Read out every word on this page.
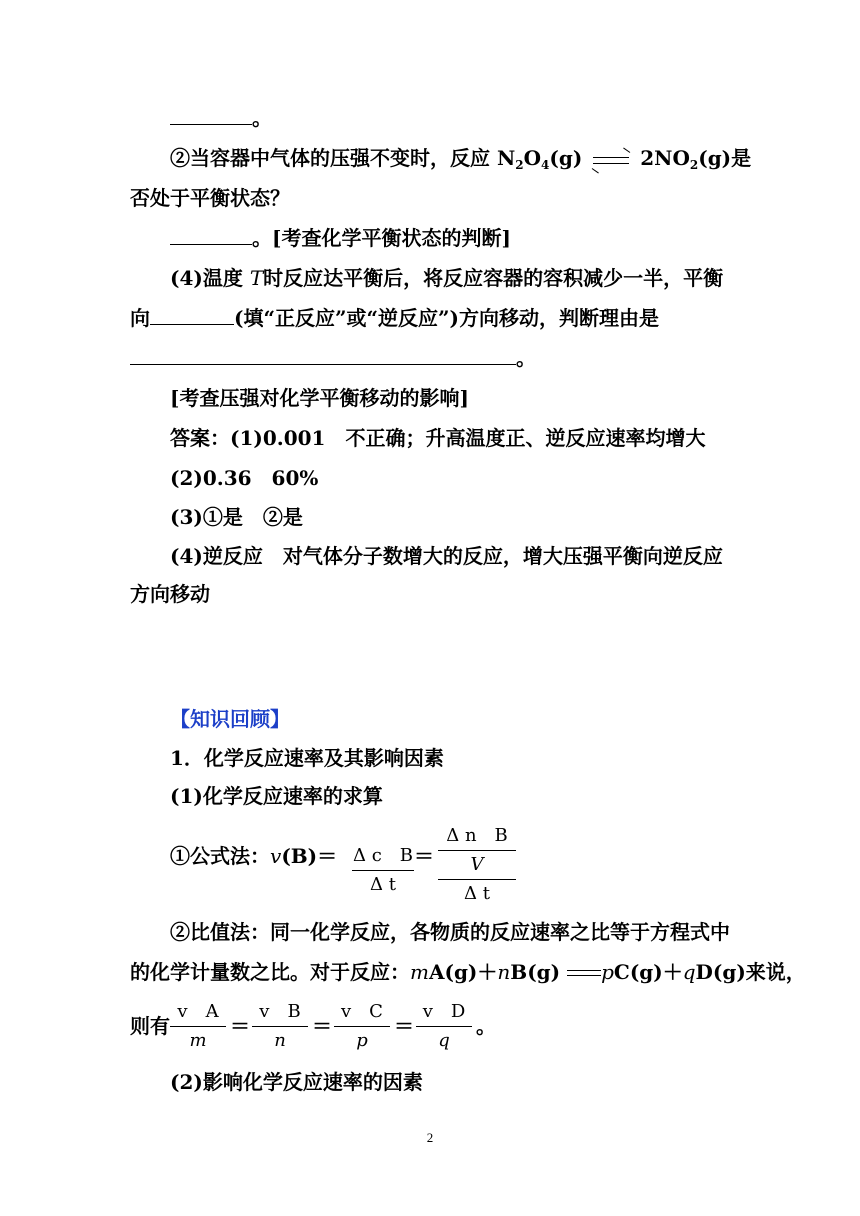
。
②当容器中气体的压强不变时，反应 $N_2O_4(g)$	$2NO_2(g)$是
否处于平衡状态？
。[考查化学平衡状态的判断]
(4)温度 T时反应达平衡后，将反应容器的容积减少一半，平衡
向	(填“正反应”或“逆反应”)方向移动，判断理由是
。
[考查压强对化学平衡移动的影响]
答案：(1)0.001　不正确；升高温度正、逆反应速率均增大
(2)0.36　60%
(3)①是　②是
(4)逆反应　对气体分子数增大的反应，增大压强平衡向逆反应
方向移动
【知识回顾】
1．化学反应速率及其影响因素
(1)化学反应速率的求算
①公式法：v(B)＝ Δ c　B
Δ t
＝
Δ n　B
V
Δ t
②比值法：同一化学反应，各物质的反应速率之比等于方程式中
的化学计量数之比。对于反应：mA(g)＋nB(g) pC(g)＋qD(g)来说，
则有
v　A
m
＝
v　B
n
＝
v　C
p
＝
v　D
q
。
(2)影响化学反应速率的因素
2
